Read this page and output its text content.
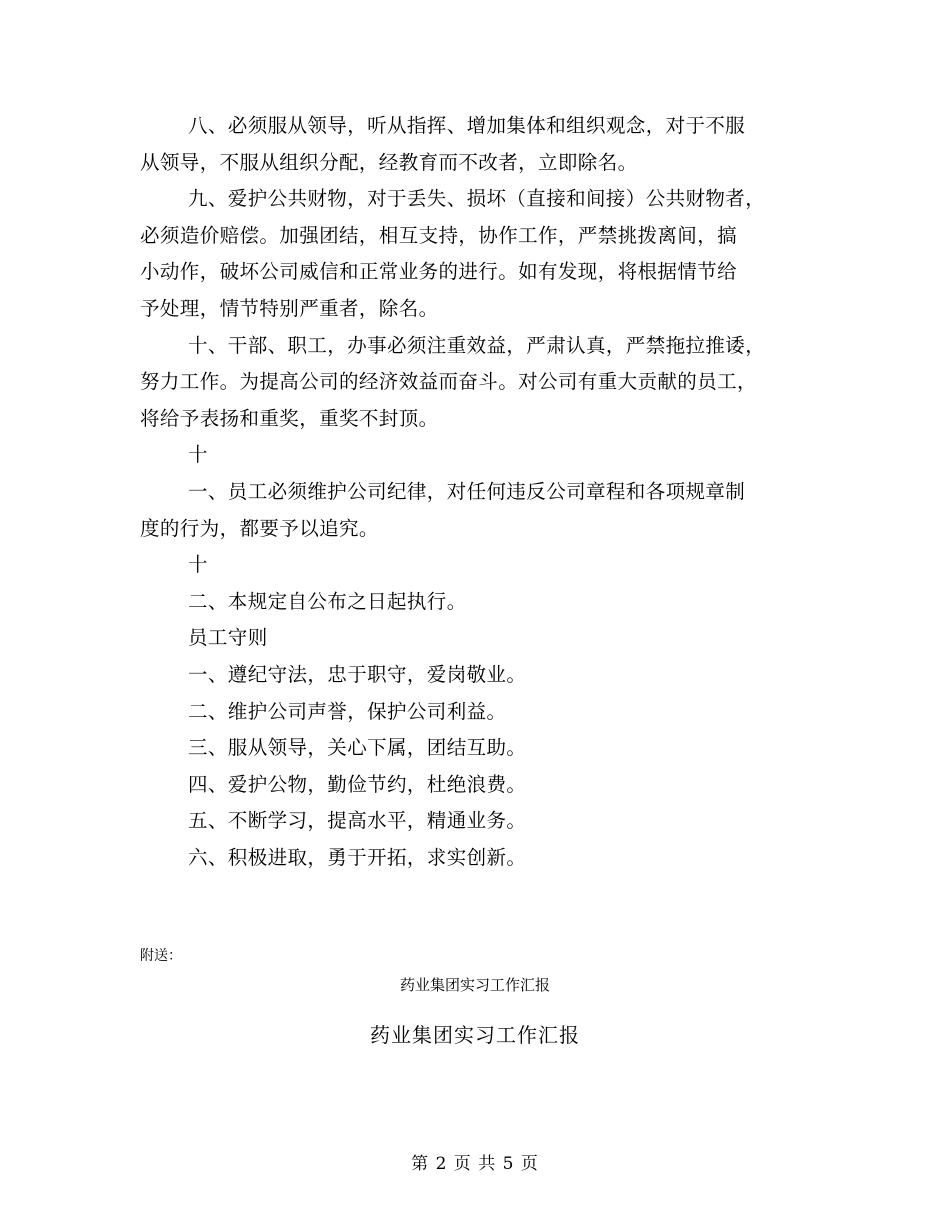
八、必须服从领导，听从指挥、增加集体和组织观念，对于不服
从领导，不服从组织分配，经教育而不改者，立即除名。
九、爱护公共财物，对于丢失、损坏（直接和间接）公共财物者，
必须造价赔偿。加强团结，相互支持，协作工作，严禁挑拨离间，搞
小动作，破坏公司威信和正常业务的进行。如有发现，将根据情节给
予处理，情节特别严重者，除名。
十、干部、职工，办事必须注重效益，严肃认真，严禁拖拉推诿，
努力工作。为提高公司的经济效益而奋斗。对公司有重大贡献的员工，
将给予表扬和重奖，重奖不封顶。
十
一、员工必须维护公司纪律，对任何违反公司章程和各项规章制
度的行为，都要予以追究。
十
二、本规定自公布之日起执行。
员工守则
一、遵纪守法，忠于职守，爱岗敬业。
二、维护公司声誉，保护公司利益。
三、服从领导，关心下属，团结互助。
四、爱护公物，勤俭节约，杜绝浪费。
五、不断学习，提高水平，精通业务。
六、积极进取，勇于开拓，求实创新。

附送：

药业集团实习工作汇报

药业集团实习工作汇报

第 2 页 共 5 页
